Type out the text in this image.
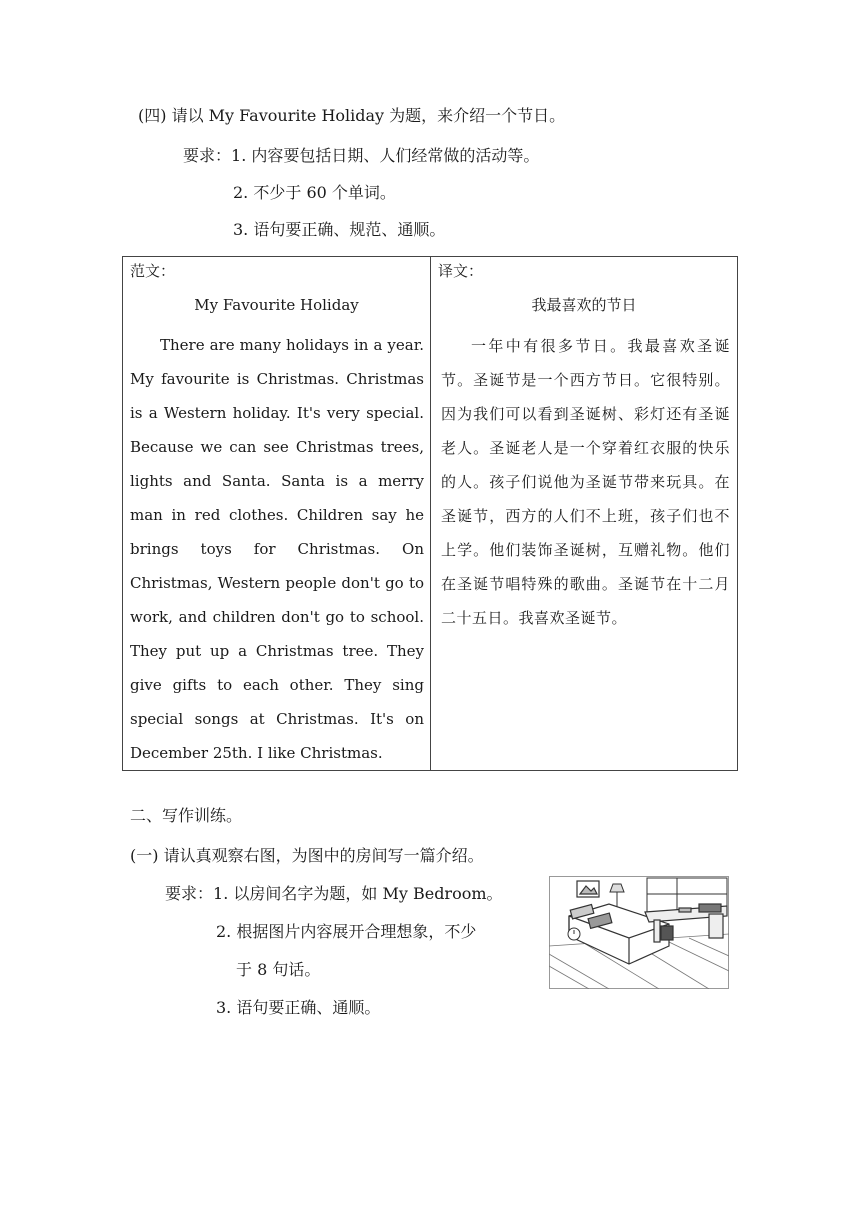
(四) 请以 My Favourite Holiday 为题，来介绍一个节日。
要求：1. 内容要包括日期、人们经常做的活动等。
2. 不少于 60 个单词。
3. 语句要正确、规范、通顺。
范文：
My Favourite Holiday
There are many holidays in a year. My favourite is Christmas. Christmas is a Western holiday. It's very special. Because we can see Christmas trees, lights and Santa. Santa is a merry man in red clothes. Children say he brings toys for Christmas. On Christmas, Western people don't go to work, and children don't go to school. They put up a Christmas tree. They give gifts to each other. They sing special songs at Christmas. It's on December 25th. I like Christmas.

译文：
我最喜欢的节日
一年中有很多节日。我最喜欢圣诞节。圣诞节是一个西方节日。它很特别。因为我们可以看到圣诞树、彩灯还有圣诞老人。圣诞老人是一个穿着红衣服的快乐的人。孩子们说他为圣诞节带来玩具。在圣诞节，西方的人们不上班，孩子们也不上学。他们装饰圣诞树，互赠礼物。他们在圣诞节唱特殊的歌曲。圣诞节在十二月二十五日。我喜欢圣诞节。
二、写作训练。
(一) 请认真观察右图，为图中的房间写一篇介绍。
要求：1. 以房间名字为题，如 My Bedroom。
2. 根据图片内容展开合理想象，不少
于 8 句话。
3. 语句要正确、通顺。
